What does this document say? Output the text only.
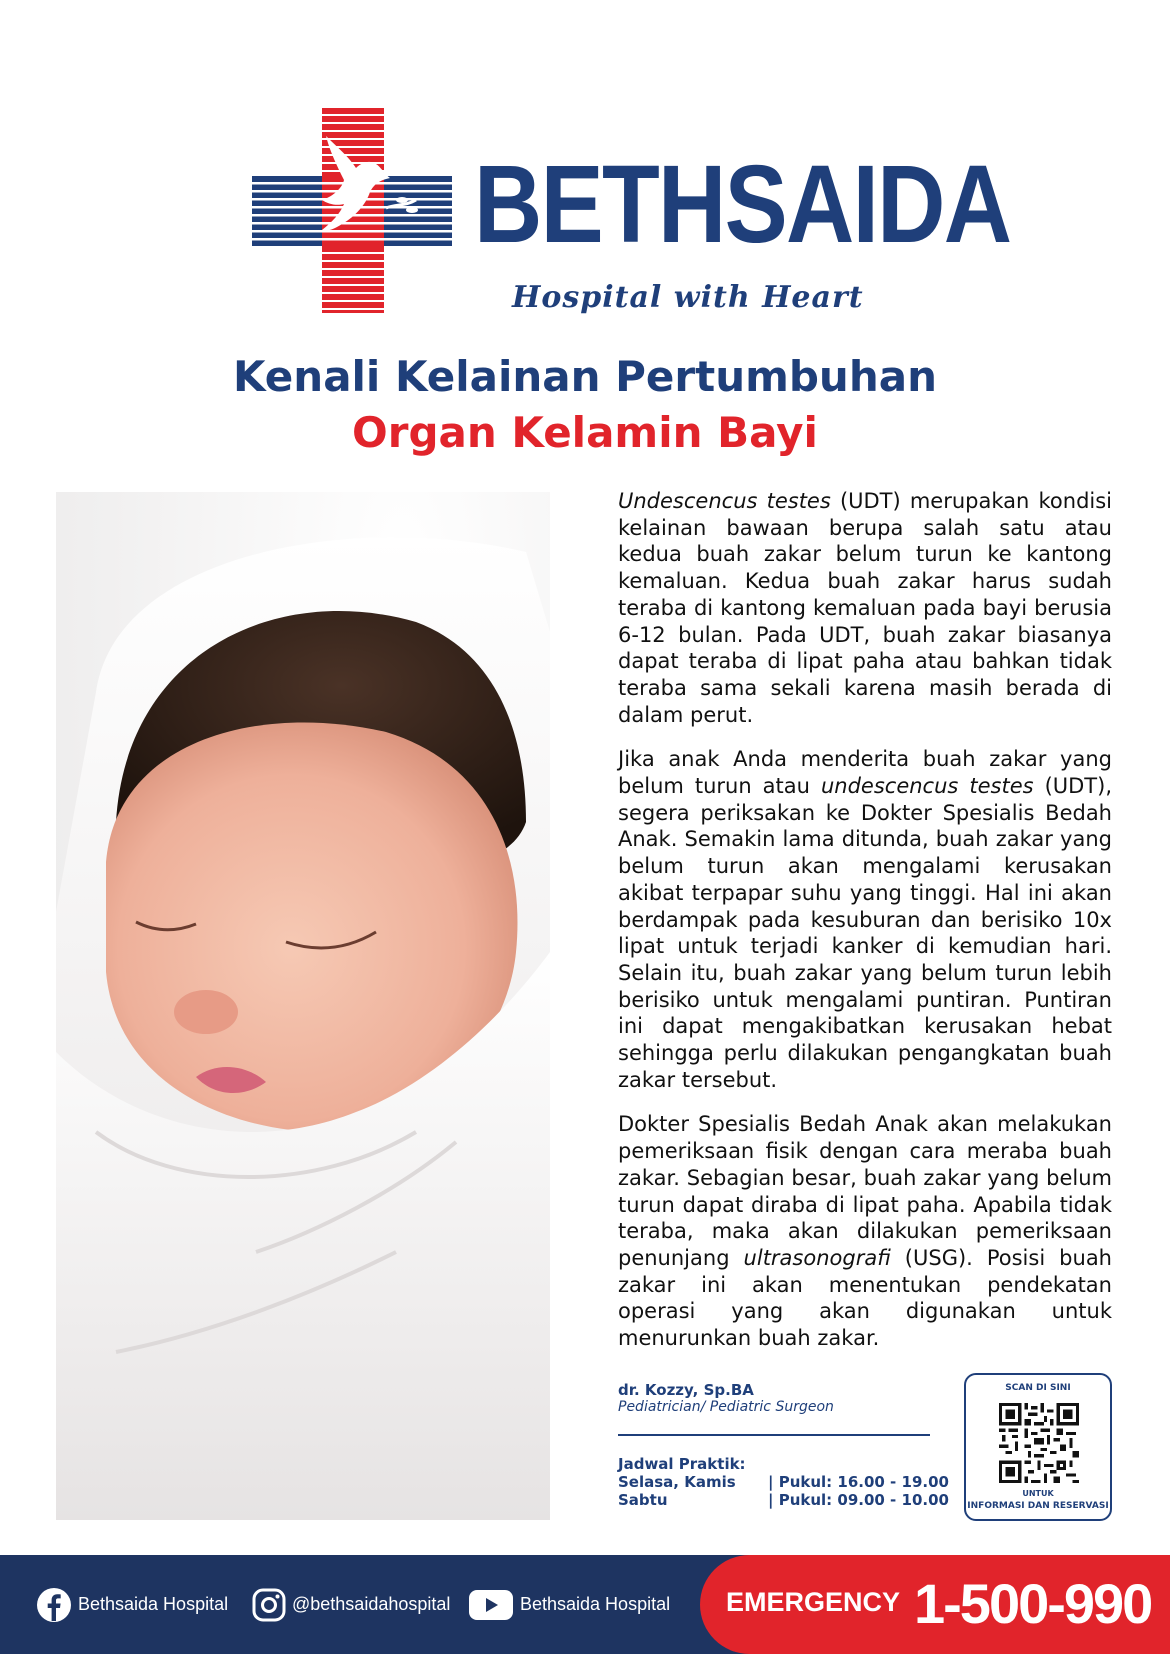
BETHSAIDA
Hospital with Heart
Kenali Kelainan Pertumbuhan
Organ Kelamin Bayi

Undescencus testes (UDT) merupakan kondisi kelainan bawaan berupa salah satu atau kedua buah zakar belum turun ke kantong kemaluan. Kedua buah zakar harus sudah teraba di kantong kemaluan pada bayi berusia 6-12 bulan. Pada UDT, buah zakar biasanya dapat teraba di lipat paha atau bahkan tidak teraba sama sekali karena masih berada di dalam perut.

Jika anak Anda menderita buah zakar yang belum turun atau undescencus testes (UDT), segera periksakan ke Dokter Spesialis Bedah Anak. Semakin lama ditunda, buah zakar yang belum turun akan mengalami kerusakan akibat terpapar suhu yang tinggi. Hal ini akan berdampak pada kesuburan dan berisiko 10x lipat untuk terjadi kanker di kemudian hari. Selain itu, buah zakar yang belum turun lebih berisiko untuk mengalami puntiran. Puntiran ini dapat mengakibatkan kerusakan hebat sehingga perlu dilakukan pengangkatan buah zakar tersebut.

Dokter Spesialis Bedah Anak akan melakukan pemeriksaan fisik dengan cara meraba buah zakar. Sebagian besar, buah zakar yang belum turun dapat diraba di lipat paha. Apabila tidak teraba, maka akan dilakukan pemeriksaan penunjang ultrasonografi (USG). Posisi buah zakar ini akan menentukan pendekatan operasi yang akan digunakan untuk menurunkan buah zakar.

dr. Kozzy, Sp.BA
Pediatrician/ Pediatric Surgeon
Jadwal Praktik:
Selasa, Kamis | Pukul: 16.00 - 19.00
Sabtu	| Pukul: 09.00 - 10.00
SCAN DI SINI
UNTUK
INFORMASI DAN RESERVASI
Bethsaida Hospital	@bethsaidahospital	Bethsaida Hospital EMERGENCY 1-500-990
